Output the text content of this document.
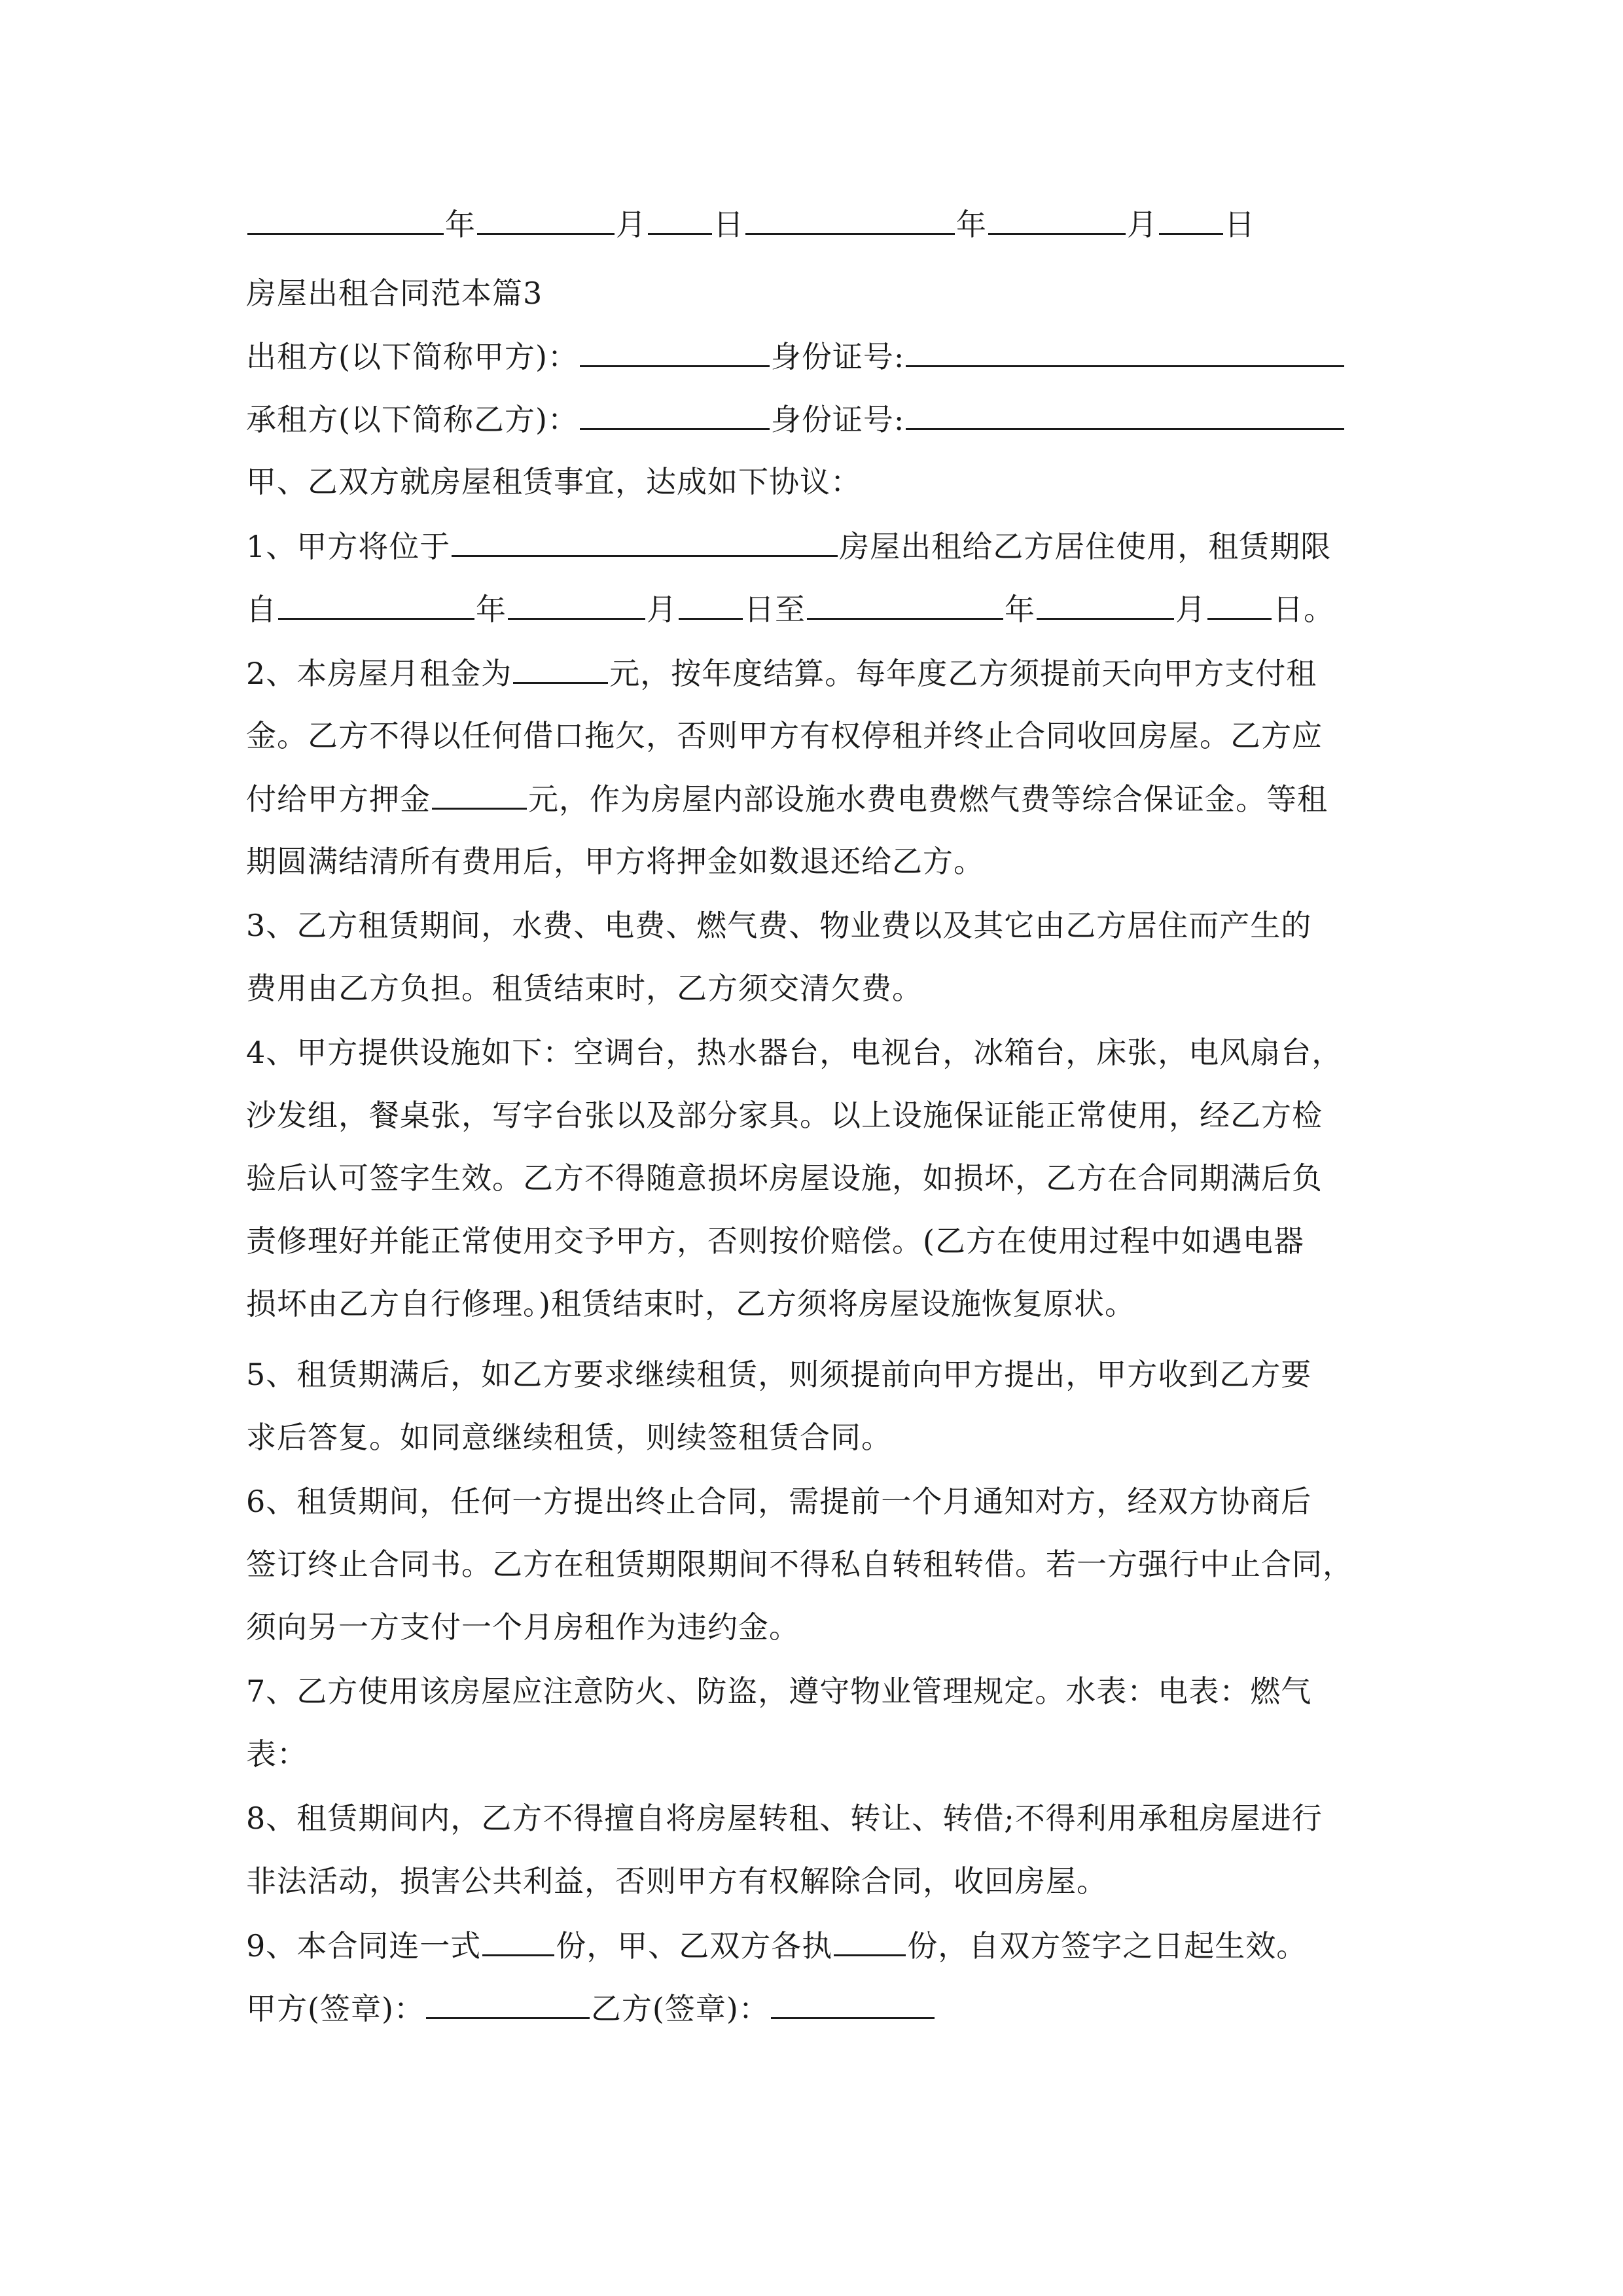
年	月 日	年	月 日
房屋出租合同范本篇3
出租方(以下简称甲方)：	身份证号:
承租方(以下简称乙方)：	身份证号:
甲、乙双方就房屋租赁事宜，达成如下协议：
1、甲方将位于	房屋出租给乙方居住使用，租赁期限
自	年	月 日至	年	月 日。
2、本房屋月租金为	元，按年度结算。每年度乙方须提前天向甲方支付租
金。乙方不得以任何借口拖欠，否则甲方有权停租并终止合同收回房屋。乙方应
付给甲方押金	元，作为房屋内部设施水费电费燃气费等综合保证金。等租
期圆满结清所有费用后，甲方将押金如数退还给乙方。
3、乙方租赁期间，水费、电费、燃气费、物业费以及其它由乙方居住而产生的
费用由乙方负担。租赁结束时，乙方须交清欠费。
4、甲方提供设施如下：空调台，热水器台，电视台，冰箱台，床张，电风扇台，
沙发组，餐桌张，写字台张以及部分家具。以上设施保证能正常使用，经乙方检
验后认可签字生效。乙方不得随意损坏房屋设施，如损坏，乙方在合同期满后负
责修理好并能正常使用交予甲方，否则按价赔偿。(乙方在使用过程中如遇电器
损坏由乙方自行修理。)租赁结束时，乙方须将房屋设施恢复原状。
5、租赁期满后，如乙方要求继续租赁，则须提前向甲方提出，甲方收到乙方要
求后答复。如同意继续租赁，则续签租赁合同。
6、租赁期间，任何一方提出终止合同，需提前一个月通知对方，经双方协商后
签订终止合同书。乙方在租赁期限期间不得私自转租转借。若一方强行中止合同，
须向另一方支付一个月房租作为违约金。
7、乙方使用该房屋应注意防火、防盗，遵守物业管理规定。水表：电表：燃气
表：
8、租赁期间内，乙方不得擅自将房屋转租、转让、转借;不得利用承租房屋进行
非法活动，损害公共利益，否则甲方有权解除合同，收回房屋。
9、本合同连一式 份，甲、乙双方各执 份，自双方签字之日起生效。
甲方(签章)：	乙方(签章)：
